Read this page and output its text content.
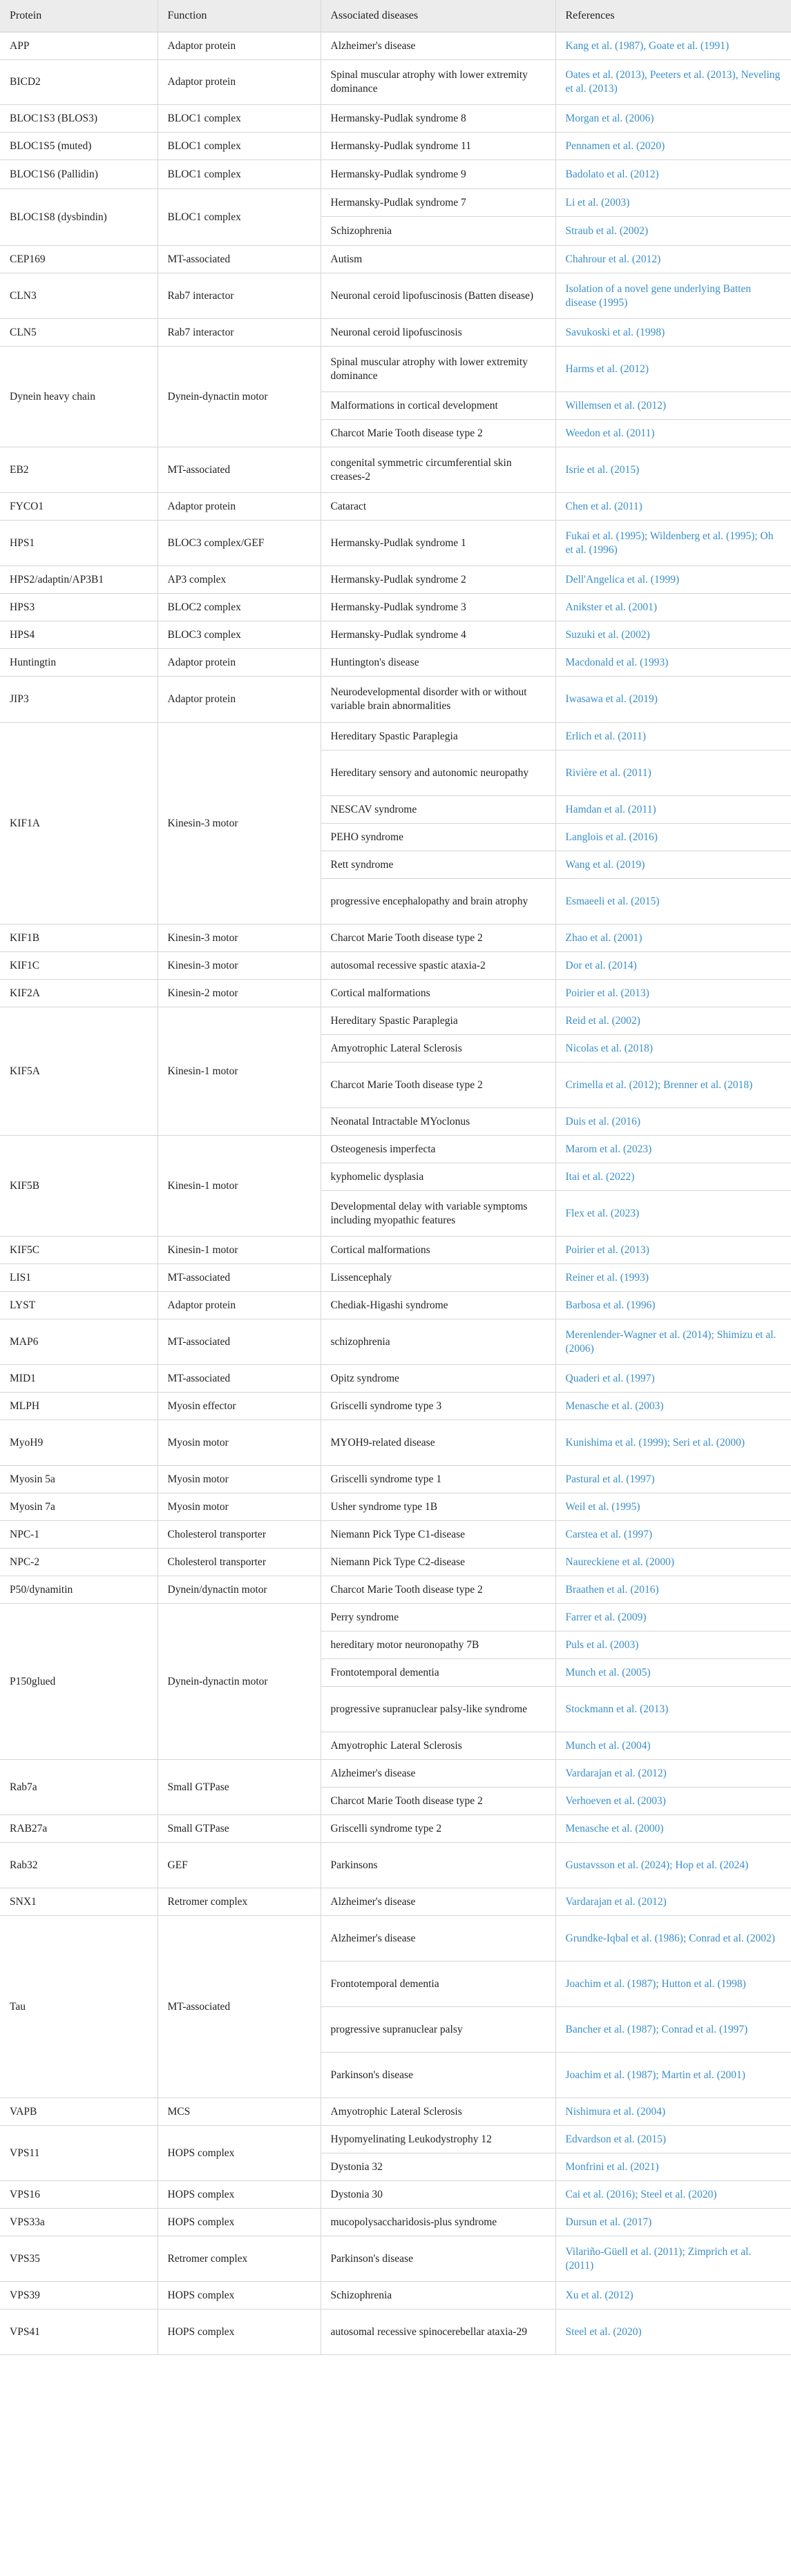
Protein	Function	Associated diseases	References
APP	Adaptor protein	Alzheimer's disease	Kang et al. (1987), Goate et al. (1991)
BICD2	Adaptor protein	Spinal muscular atrophy with lower extremity dominance	Oates et al. (2013), Peeters et al. (2013), Neveling et al. (2013)
BLOC1S3 (BLOS3)	BLOC1 complex	Hermansky-Pudlak syndrome 8	Morgan et al. (2006)
BLOC1S5 (muted)	BLOC1 complex	Hermansky-Pudlak syndrome 11	Pennamen et al. (2020)
BLOC1S6 (Pallidin)	BLOC1 complex	Hermansky-Pudlak syndrome 9	Badolato et al. (2012)
BLOC1S8 (dysbindin)	BLOC1 complex	Hermansky-Pudlak syndrome 7	Li et al. (2003)
		Schizophrenia	Straub et al. (2002)
CEP169	MT-associated	Autism	Chahrour et al. (2012)
CLN3	Rab7 interactor	Neuronal ceroid lipofuscinosis (Batten disease)	Isolation of a novel gene underlying Batten disease (1995)
CLN5	Rab7 interactor	Neuronal ceroid lipofuscinosis	Savukoski et al. (1998)
Dynein heavy chain	Dynein-dynactin motor	Spinal muscular atrophy with lower extremity dominance	Harms et al. (2012)
		Malformations in cortical development	Willemsen et al. (2012)
		Charcot Marie Tooth disease type 2	Weedon et al. (2011)
EB2	MT-associated	congenital symmetric circumferential skin creases-2	Isrie et al. (2015)
FYCO1	Adaptor protein	Cataract	Chen et al. (2011)
HPS1	BLOC3 complex/GEF	Hermansky-Pudlak syndrome 1	Fukai et al. (1995); Wildenberg et al. (1995); Oh et al. (1996)
HPS2/adaptin/AP3B1	AP3 complex	Hermansky-Pudlak syndrome 2	Dell'Angelica et al. (1999)
HPS3	BLOC2 complex	Hermansky-Pudlak syndrome 3	Anikster et al. (2001)
HPS4	BLOC3 complex	Hermansky-Pudlak syndrome 4	Suzuki et al. (2002)
Huntingtin	Adaptor protein	Huntington's disease	Macdonald et al. (1993)
JIP3	Adaptor protein	Neurodevelopmental disorder with or without variable brain abnormalities	Iwasawa et al. (2019)
KIF1A	Kinesin-3 motor	Hereditary Spastic Paraplegia	Erlich et al. (2011)
		Hereditary sensory and autonomic neuropathy	Rivière et al. (2011)
		NESCAV syndrome	Hamdan et al. (2011)
		PEHO syndrome	Langlois et al. (2016)
		Rett syndrome	Wang et al. (2019)
		progressive encephalopathy and brain atrophy	Esmaeeli et al. (2015)
KIF1B	Kinesin-3 motor	Charcot Marie Tooth disease type 2	Zhao et al. (2001)
KIF1C	Kinesin-3 motor	autosomal recessive spastic ataxia-2	Dor et al. (2014)
KIF2A	Kinesin-2 motor	Cortical malformations	Poirier et al. (2013)
KIF5A	Kinesin-1 motor	Hereditary Spastic Paraplegia	Reid et al. (2002)
		Amyotrophic Lateral Sclerosis	Nicolas et al. (2018)
		Charcot Marie Tooth disease type 2	Crimella et al. (2012); Brenner et al. (2018)
		Neonatal Intractable MYoclonus	Duis et al. (2016)
KIF5B	Kinesin-1 motor	Osteogenesis imperfecta	Marom et al. (2023)
		kyphomelic dysplasia	Itai et al. (2022)
		Developmental delay with variable symptoms including myopathic features	Flex et al. (2023)
KIF5C	Kinesin-1 motor	Cortical malformations	Poirier et al. (2013)
LIS1	MT-associated	Lissencephaly	Reiner et al. (1993)
LYST	Adaptor protein	Chediak-Higashi syndrome	Barbosa et al. (1996)
MAP6	MT-associated	schizophrenia	Merenlender-Wagner et al. (2014); Shimizu et al. (2006)
MID1	MT-associated	Opitz syndrome	Quaderi et al. (1997)
MLPH	Myosin effector	Griscelli syndrome type 3	Menasche et al. (2003)
MyoH9	Myosin motor	MYOH9-related disease	Kunishima et al. (1999); Seri et al. (2000)
Myosin 5a	Myosin motor	Griscelli syndrome type 1	Pastural et al. (1997)
Myosin 7a	Myosin motor	Usher syndrome type 1B	Weil et al. (1995)
NPC-1	Cholesterol transporter	Niemann Pick Type C1-disease	Carstea et al. (1997)
NPC-2	Cholesterol transporter	Niemann Pick Type C2-disease	Naureckiene et al. (2000)
P50/dynamitin	Dynein/dynactin motor	Charcot Marie Tooth disease type 2	Braathen et al. (2016)
P150glued	Dynein-dynactin motor	Perry syndrome	Farrer et al. (2009)
		hereditary motor neuronopathy 7B	Puls et al. (2003)
		Frontotemporal dementia	Munch et al. (2005)
		progressive supranuclear palsy-like syndrome	Stockmann et al. (2013)
		Amyotrophic Lateral Sclerosis	Munch et al. (2004)
Rab7a	Small GTPase	Alzheimer's disease	Vardarajan et al. (2012)
		Charcot Marie Tooth disease type 2	Verhoeven et al. (2003)
RAB27a	Small GTPase	Griscelli syndrome type 2	Menasche et al. (2000)
Rab32	GEF	Parkinsons	Gustavsson et al. (2024); Hop et al. (2024)
SNX1	Retromer complex	Alzheimer's disease	Vardarajan et al. (2012)
Tau	MT-associated	Alzheimer's disease	Grundke-Iqbal et al. (1986); Conrad et al. (2002)
		Frontotemporal dementia	Joachim et al. (1987); Hutton et al. (1998)
		progressive supranuclear palsy	Bancher et al. (1987); Conrad et al. (1997)
		Parkinson's disease	Joachim et al. (1987); Martin et al. (2001)
VAPB	MCS	Amyotrophic Lateral Sclerosis	Nishimura et al. (2004)
VPS11	HOPS complex	Hypomyelinating Leukodystrophy 12	Edvardson et al. (2015)
		Dystonia 32	Monfrini et al. (2021)
VPS16	HOPS complex	Dystonia 30	Cai et al. (2016); Steel et al. (2020)
VPS33a	HOPS complex	mucopolysaccharidosis-plus syndrome	Dursun et al. (2017)
VPS35	Retromer complex	Parkinson's disease	Vilariño-Güell et al. (2011); Zimprich et al. (2011)
VPS39	HOPS complex	Schizophrenia	Xu et al. (2012)
VPS41	HOPS complex	autosomal recessive spinocerebellar ataxia-29	Steel et al. (2020)
